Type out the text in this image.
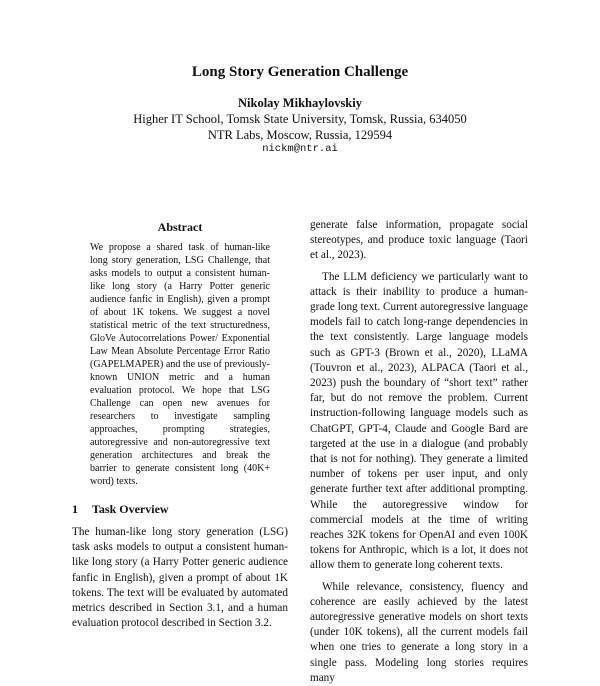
Long Story Generation Challenge
Nikolay Mikhaylovskiy
Higher IT School, Tomsk State University, Tomsk, Russia, 634050
NTR Labs, Moscow, Russia, 129594
nickm@ntr.ai
Abstract
We propose a shared task of human-like long story generation, LSG Challenge, that asks models to output a consistent human-like long story (a Harry Potter generic audience fanfic in English), given a prompt of about 1K tokens. We suggest a novel statistical metric of the text structuredness, GloVe Autocorrelations Power/ Exponential Law Mean Absolute Percentage Error Ratio (GAPELMAPER) and the use of previously-known UNION metric and a human evaluation protocol. We hope that LSG Challenge can open new avenues for researchers to investigate sampling approaches, prompting strategies, autoregressive and non-autoregressive text generation architectures and break the barrier to generate consistent long (40K+ word) texts.
1 Task Overview
The human-like long story generation (LSG) task asks models to output a consistent human-like long story (a Harry Potter generic audience fanfic in English), given a prompt of about 1K tokens. The text will be evaluated by automated metrics described in Section 3.1, and a human evaluation protocol described in Section 3.2.

generate false information, propagate social stereotypes, and produce toxic language (Taori et al., 2023).

The LLM deficiency we particularly want to attack is their inability to produce a human-grade long text. Current autoregressive language models fail to catch long-range dependencies in the text consistently. Large language models such as GPT-3 (Brown et al., 2020), LLaMA (Touvron et al., 2023), ALPACA (Taori et al., 2023) push the boundary of “short text” rather far, but do not remove the problem. Current instruction-following language models such as ChatGPT, GPT-4, Claude and Google Bard are targeted at the use in a dialogue (and probably that is not for nothing). They generate a limited number of tokens per user input, and only generate further text after additional prompting. While the autoregressive window for commercial models at the time of writing reaches 32K tokens for OpenAI and even 100K tokens for Anthropic, which is a lot, it does not allow them to generate long coherent texts.

While relevance, consistency, fluency and coherence are easily achieved by the latest autoregressive generative models on short texts (under 10K tokens), all the current models fail when one tries to generate a long story in a single pass. Modeling long stories requires many
